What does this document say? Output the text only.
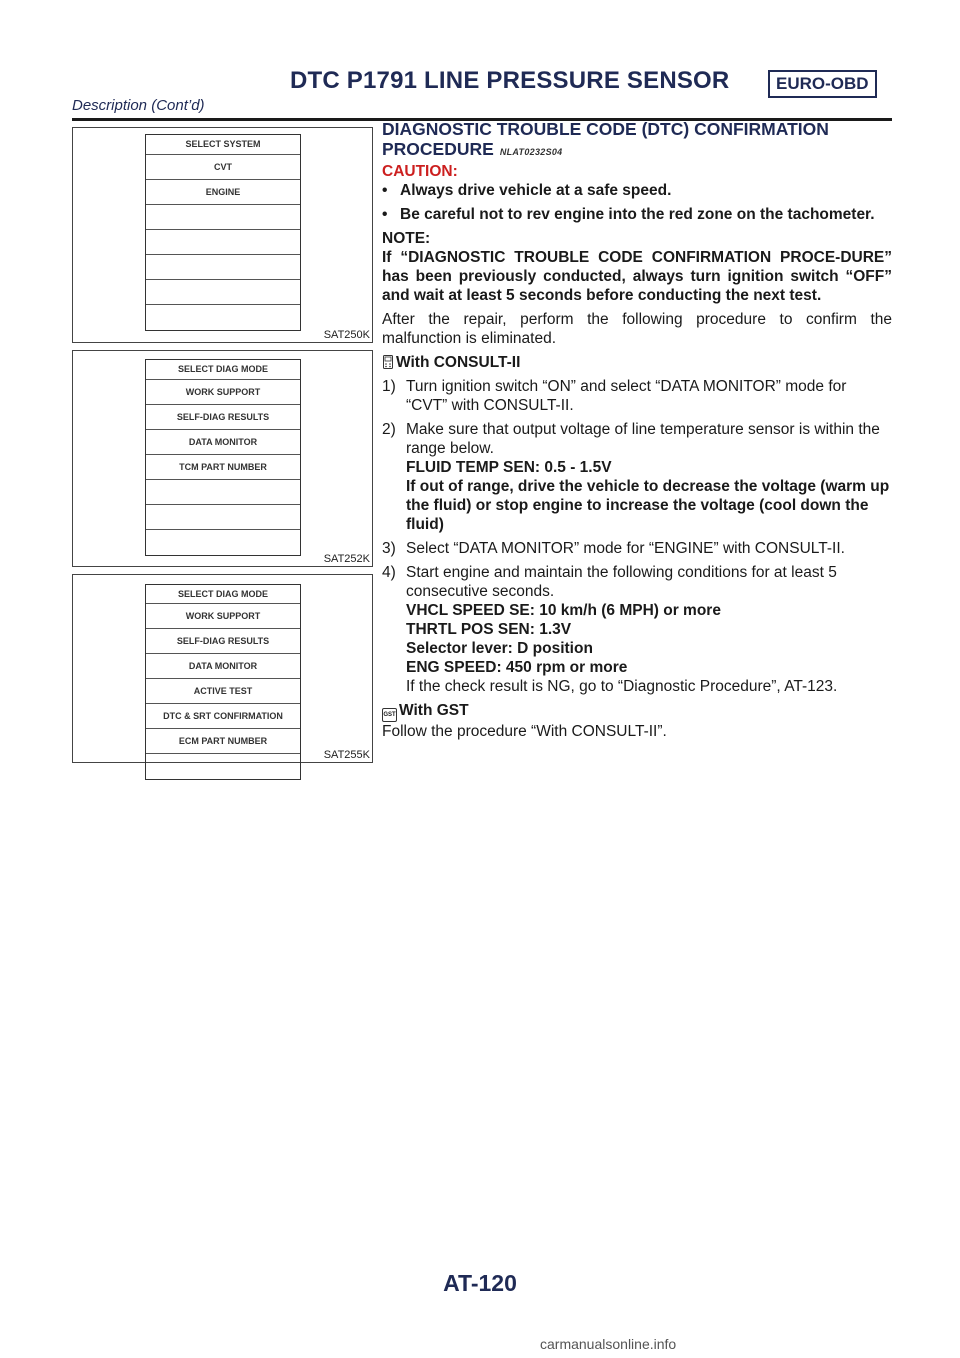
DTC P1791 LINE PRESSURE SENSOR	EURO-OBD
Description (Cont’d)
SELECT SYSTEM
CVT
ENGINE
SAT250K
SELECT DIAG MODE
WORK SUPPORT
SELF-DIAG RESULTS
DATA MONITOR
TCM PART NUMBER
SAT252K
SELECT DIAG MODE
WORK SUPPORT
SELF-DIAG RESULTS
DATA MONITOR
ACTIVE TEST
DTC & SRT CONFIRMATION
ECM PART NUMBER
SAT255K

DIAGNOSTIC TROUBLE CODE (DTC) CONFIRMATION
PROCEDURE NLAT0232S04

CAUTION:

• Always drive vehicle at a safe speed.

• Be careful not to rev engine into the red zone on the tachometer.

NOTE:

If “DIAGNOSTIC TROUBLE CODE CONFIRMATION PROCE-DURE” has been previously conducted, always turn ignition switch “OFF” and wait at least 5 seconds before conducting the next test.

After the repair, perform the following procedure to confirm the malfunction is eliminated.

With CONSULT-II

1) Turn ignition switch “ON” and select “DATA MONITOR” mode for “CVT” with CONSULT-II.

2) Make sure that output voltage of line temperature sensor is within the range below.
FLUID TEMP SEN: 0.5 - 1.5V
If out of range, drive the vehicle to decrease the voltage (warm up the fluid) or stop engine to increase the voltage (cool down the fluid)

3) Select “DATA MONITOR” mode for “ENGINE” with CONSULT-II.

4) Start engine and maintain the following conditions for at least 5 consecutive seconds.
VHCL SPEED SE: 10 km/h (6 MPH) or more
THRTL POS SEN: 1.3V
Selector lever: D position
ENG SPEED: 450 rpm or more
If the check result is NG, go to “Diagnostic Procedure”, AT-123.

GST With GST

Follow the procedure “With CONSULT-II”.

AT-120
carmanualsonline.info
